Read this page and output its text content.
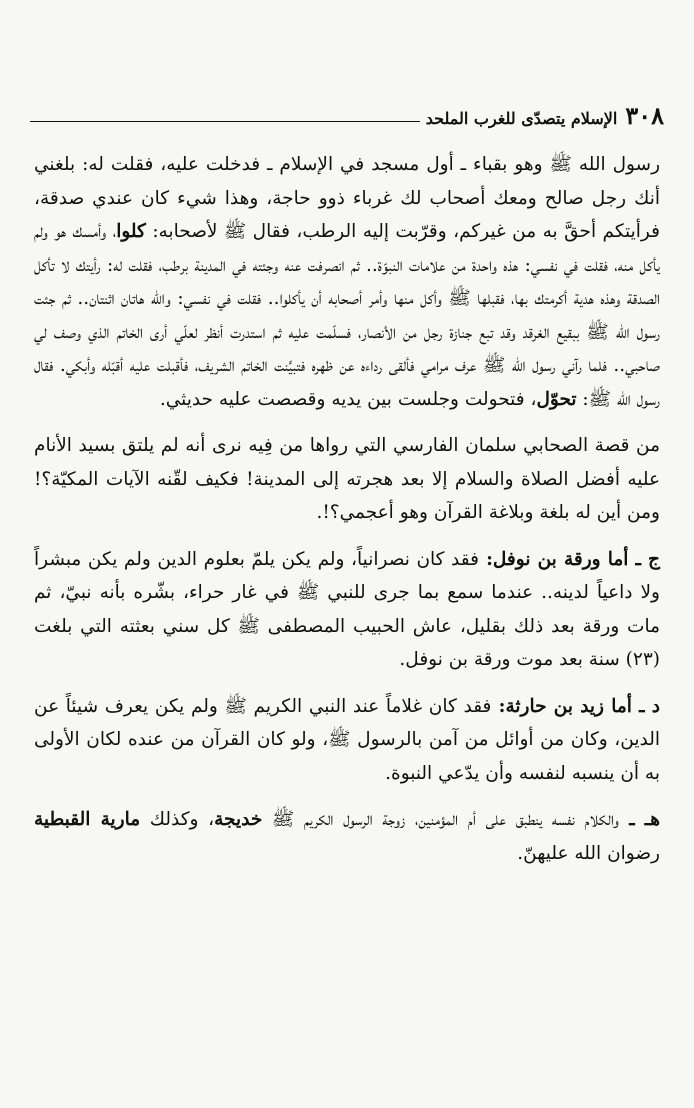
٣٠٨
الإسلام يتصدّى للغرب الملحد

رسول الله ﷺ وهو بقباء ـ أول مسجد في الإسلام ـ فدخلت عليه، فقلت له: بلغني أنك رجل صالح ومعك أصحاب لك غرباء ذوو حاجة، وهذا شيء كان عندي صدقة، فرأيتكم أحقَّ به من غيركم، وقرّبت إليه الرطب، فقال ﷺ لأصحابه: كلوا، وأمسك هو ولم يأكل منه، فقلت في نفسي: هذه واحدة من علامات النبوّة.. ثم انصرفت عنه وجئته في المدينة برطب، فقلت له: رأيتك لا تأكل الصدقة وهذه هدية أكرمتك بها، فقبلها ﷺ وأكل منها وأمر أصحابه أن يأكلوا.. فقلت في نفسي: والله هاتان اثنتان.. ثم جئت رسول الله ﷺ ببقيع الغرقد وقد تبع جنازة رجل من الأنصار، فسلّمت عليه ثم استدرت أنظر لعلّي أرى الخاتم الذي وصف لي صاحبي.. فلما رآني رسول الله ﷺ عرف مرامي فألقى رداءه عن ظهره فتبيَّنت الخاتم الشريف، فأقبلت عليه أقبّله وأبكي. فقال رسول الله ﷺ: تحوّل، فتحولت وجلست بين يديه وقصصت عليه حديثي.

من قصة الصحابي سلمان الفارسي التي رواها من فِيه نرى أنه لم يلتق بسيد الأنام عليه أفضل الصلاة والسلام إلا بعد هجرته إلى المدينة! فكيف لقّنه الآيات المكيّة؟! ومن أين له بلغة وبلاغة القرآن وهو أعجمي؟!.

ج ـ أما ورقة بن نوفل: فقد كان نصرانياً، ولم يكن يلمّ بعلوم الدين ولم يكن مبشراً ولا داعياً لدينه.. عندما سمع بما جرى للنبي ﷺ في غار حراء، بشّره بأنه نبيّ، ثم مات ورقة بعد ذلك بقليل، عاش الحبيب المصطفى ﷺ كل سني بعثته التي بلغت (٢٣) سنة بعد موت ورقة بن نوفل.

د ـ أما زيد بن حارثة: فقد كان غلاماً عند النبي الكريم ﷺ ولم يكن يعرف شيئاً عن الدين، وكان من أوائل من آمن بالرسول ﷺ، ولو كان القرآن من عنده لكان الأولى به أن ينسبه لنفسه وأن يدّعي النبوة.

هـ ـ والكلام نفسه ينطبق على أم المؤمنين، زوجة الرسول الكريم ﷺ خديجة، وكذلك مارية القبطية رضوان الله عليهنّ.
